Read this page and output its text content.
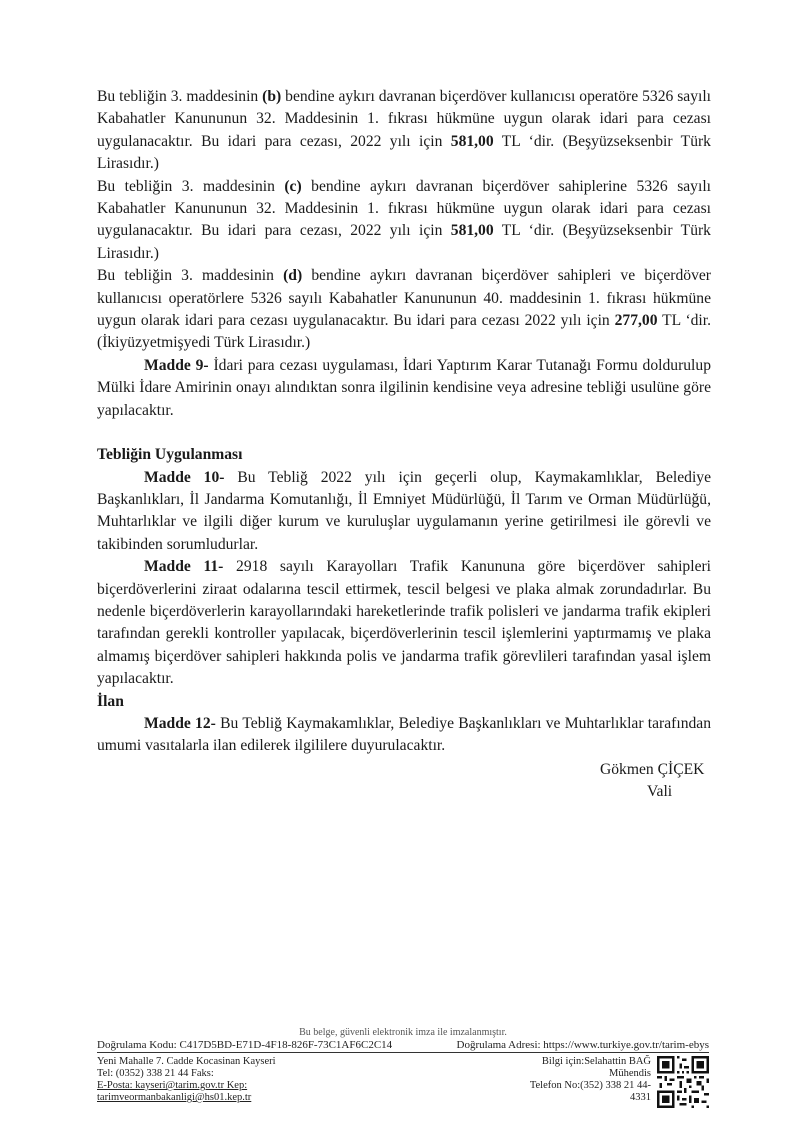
Bu tebliğin 3. maddesinin (b) bendine aykırı davranan biçerdöver kullanıcısı operatöre 5326 sayılı Kabahatler Kanununun 32. Maddesinin 1. fıkrası hükmüne uygun olarak idari para cezası uygulanacaktır. Bu idari para cezası, 2022 yılı için 581,00 TL ‘dir. (Beşyüzseksenbir Türk Lirasıdır.)

Bu tebliğin 3. maddesinin (c) bendine aykırı davranan biçerdöver sahiplerine 5326 sayılı Kabahatler Kanununun 32. Maddesinin 1. fıkrası hükmüne uygun olarak idari para cezası uygulanacaktır. Bu idari para cezası, 2022 yılı için 581,00 TL ‘dir. (Beşyüzseksenbir Türk Lirasıdır.)

Bu tebliğin 3. maddesinin (d) bendine aykırı davranan biçerdöver sahipleri ve biçerdöver kullanıcısı operatörlere 5326 sayılı Kabahatler Kanununun 40. maddesinin 1. fıkrası hükmüne uygun olarak idari para cezası uygulanacaktır. Bu idari para cezası 2022 yılı için 277,00 TL ‘dir. (İkiyüzyetmişyedi Türk Lirasıdır.)

Madde 9- İdari para cezası uygulaması, İdari Yaptırım Karar Tutanağı Formu doldurulup Mülki İdare Amirinin onayı alındıktan sonra ilgilinin kendisine veya adresine tebliği usulüne göre yapılacaktır.

Tebliğin Uygulanması

Madde 10- Bu Tebliğ 2022 yılı için geçerli olup, Kaymakamlıklar, Belediye Başkanlıkları, İl Jandarma Komutanlığı, İl Emniyet Müdürlüğü, İl Tarım ve Orman Müdürlüğü, Muhtarlıklar ve ilgili diğer kurum ve kuruluşlar uygulamanın yerine getirilmesi ile görevli ve takibinden sorumludurlar.

Madde 11- 2918 sayılı Karayolları Trafik Kanununa göre biçerdöver sahipleri biçerdöverlerini ziraat odalarına tescil ettirmek, tescil belgesi ve plaka almak zorundadırlar. Bu nedenle biçerdöverlerin karayollarındaki hareketlerinde trafik polisleri ve jandarma trafik ekipleri tarafından gerekli kontroller yapılacak, biçerdöverlerinin tescil işlemlerini yaptırmamış ve plaka almamış biçerdöver sahipleri hakkında polis ve jandarma trafik görevlileri tarafından yasal işlem yapılacaktır.

İlan

Madde 12- Bu Tebliğ Kaymakamlıklar, Belediye Başkanlıkları ve Muhtarlıklar tarafından umumi vasıtalarla ilan edilerek ilgililere duyurulacaktır.

Gökmen ÇİÇEK
Vali
Bu belge, güvenli elektronik imza ile imzalanmıştır.
Doğrulama Kodu: C417D5BD-E71D-4F18-826F-73C1AF6C2C14	Doğrulama Adresi: https://www.turkiye.gov.tr/tarim-ebys
Yeni Mahalle 7. Cadde Kocasinan Kayseri
Tel: (0352) 338 21 44 Faks:
E-Posta: kayseri@tarim.gov.tr Kep:
tarimveormanbakanligi@hs01.kep.tr
Bilgi için:Selahattin BAĞ
Mühendis
Telefon No:(352) 338 21 44-
4331
